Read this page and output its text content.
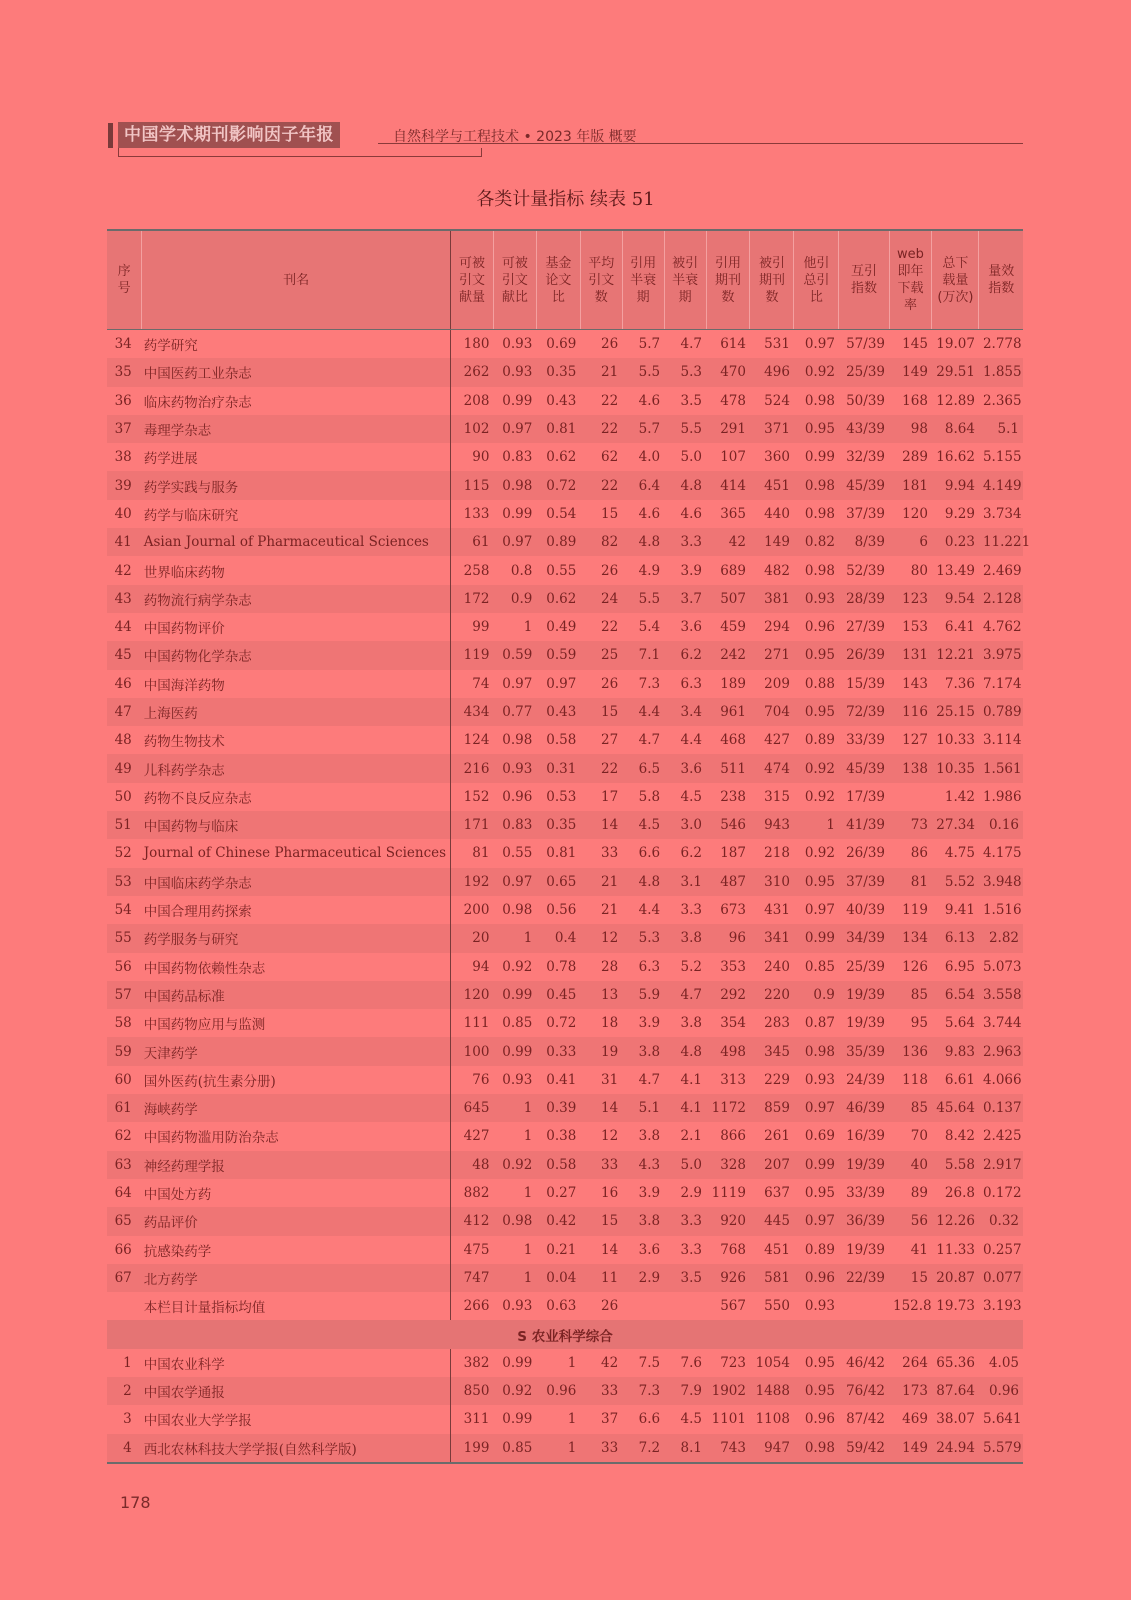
中国学术期刊影响因子年报	自然科学与工程技术 • 2023 年版 概要
各类计量指标 续表 51
序
号	刊名	可被
引文
献量	可被
引文
献比	基金
论文
比	平均
引文
数	引用
半衰
期	被引
半衰
期	引用
期刊
数	被引
期刊
数	他引
总引
比	互引
指数	web
即年
下载
率	总下
载量
(万次)	量效
指数
34	药学研究	180	0.93	0.69	26	5.7	4.7	614	531	0.97	57/39	145	19.07	2.778
35	中国医药工业杂志	262	0.93	0.35	21	5.5	5.3	470	496	0.92	25/39	149	29.51	1.855
36	临床药物治疗杂志	208	0.99	0.43	22	4.6	3.5	478	524	0.98	50/39	168	12.89	2.365
37	毒理学杂志	102	0.97	0.81	22	5.7	5.5	291	371	0.95	43/39	98	8.64	5.1
38	药学进展	90	0.83	0.62	62	4.0	5.0	107	360	0.99	32/39	289	16.62	5.155
39	药学实践与服务	115	0.98	0.72	22	6.4	4.8	414	451	0.98	45/39	181	9.94	4.149
40	药学与临床研究	133	0.99	0.54	15	4.6	4.6	365	440	0.98	37/39	120	9.29	3.734
41	Asian Journal of Pharmaceutical Sciences	61	0.97	0.89	82	4.8	3.3	42	149	0.82	8/39	6	0.23	11.221
42	世界临床药物	258	0.8	0.55	26	4.9	3.9	689	482	0.98	52/39	80	13.49	2.469
43	药物流行病学杂志	172	0.9	0.62	24	5.5	3.7	507	381	0.93	28/39	123	9.54	2.128
44	中国药物评价	99	1	0.49	22	5.4	3.6	459	294	0.96	27/39	153	6.41	4.762
45	中国药物化学杂志	119	0.59	0.59	25	7.1	6.2	242	271	0.95	26/39	131	12.21	3.975
46	中国海洋药物	74	0.97	0.97	26	7.3	6.3	189	209	0.88	15/39	143	7.36	7.174
47	上海医药	434	0.77	0.43	15	4.4	3.4	961	704	0.95	72/39	116	25.15	0.789
48	药物生物技术	124	0.98	0.58	27	4.7	4.4	468	427	0.89	33/39	127	10.33	3.114
49	儿科药学杂志	216	0.93	0.31	22	6.5	3.6	511	474	0.92	45/39	138	10.35	1.561
50	药物不良反应杂志	152	0.96	0.53	17	5.8	4.5	238	315	0.92	17/39		1.42	1.986
51	中国药物与临床	171	0.83	0.35	14	4.5	3.0	546	943	1	41/39	73	27.34	0.16
52	Journal of Chinese Pharmaceutical Sciences	81	0.55	0.81	33	6.6	6.2	187	218	0.92	26/39	86	4.75	4.175
53	中国临床药学杂志	192	0.97	0.65	21	4.8	3.1	487	310	0.95	37/39	81	5.52	3.948
54	中国合理用药探索	200	0.98	0.56	21	4.4	3.3	673	431	0.97	40/39	119	9.41	1.516
55	药学服务与研究	20	1	0.4	12	5.3	3.8	96	341	0.99	34/39	134	6.13	2.82
56	中国药物依赖性杂志	94	0.92	0.78	28	6.3	5.2	353	240	0.85	25/39	126	6.95	5.073
57	中国药品标准	120	0.99	0.45	13	5.9	4.7	292	220	0.9	19/39	85	6.54	3.558
58	中国药物应用与监测	111	0.85	0.72	18	3.9	3.8	354	283	0.87	19/39	95	5.64	3.744
59	天津药学	100	0.99	0.33	19	3.8	4.8	498	345	0.98	35/39	136	9.83	2.963
60	国外医药(抗生素分册)	76	0.93	0.41	31	4.7	4.1	313	229	0.93	24/39	118	6.61	4.066
61	海峡药学	645	1	0.39	14	5.1	4.1	1172	859	0.97	46/39	85	45.64	0.137
62	中国药物滥用防治杂志	427	1	0.38	12	3.8	2.1	866	261	0.69	16/39	70	8.42	2.425
63	神经药理学报	48	0.92	0.58	33	4.3	5.0	328	207	0.99	19/39	40	5.58	2.917
64	中国处方药	882	1	0.27	16	3.9	2.9	1119	637	0.95	33/39	89	26.8	0.172
65	药品评价	412	0.98	0.42	15	3.8	3.3	920	445	0.97	36/39	56	12.26	0.32
66	抗感染药学	475	1	0.21	14	3.6	3.3	768	451	0.89	19/39	41	11.33	0.257
67	北方药学	747	1	0.04	11	2.9	3.5	926	581	0.96	22/39	15	20.87	0.077
	本栏目计量指标均值	266	0.93	0.63	26			567	550	0.93		152.8	19.73	3.193
S 农业科学综合														
1	中国农业科学	382	0.99	1	42	7.5	7.6	723	1054	0.95	46/42	264	65.36	4.05
2	中国农学通报	850	0.92	0.96	33	7.3	7.9	1902	1488	0.95	76/42	173	87.64	0.96
3	中国农业大学学报	311	0.99	1	37	6.6	4.5	1101	1108	0.96	87/42	469	38.07	5.641
4	西北农林科技大学学报(自然科学版)	199	0.85	1	33	7.2	8.1	743	947	0.98	59/42	149	24.94	5.579
178
